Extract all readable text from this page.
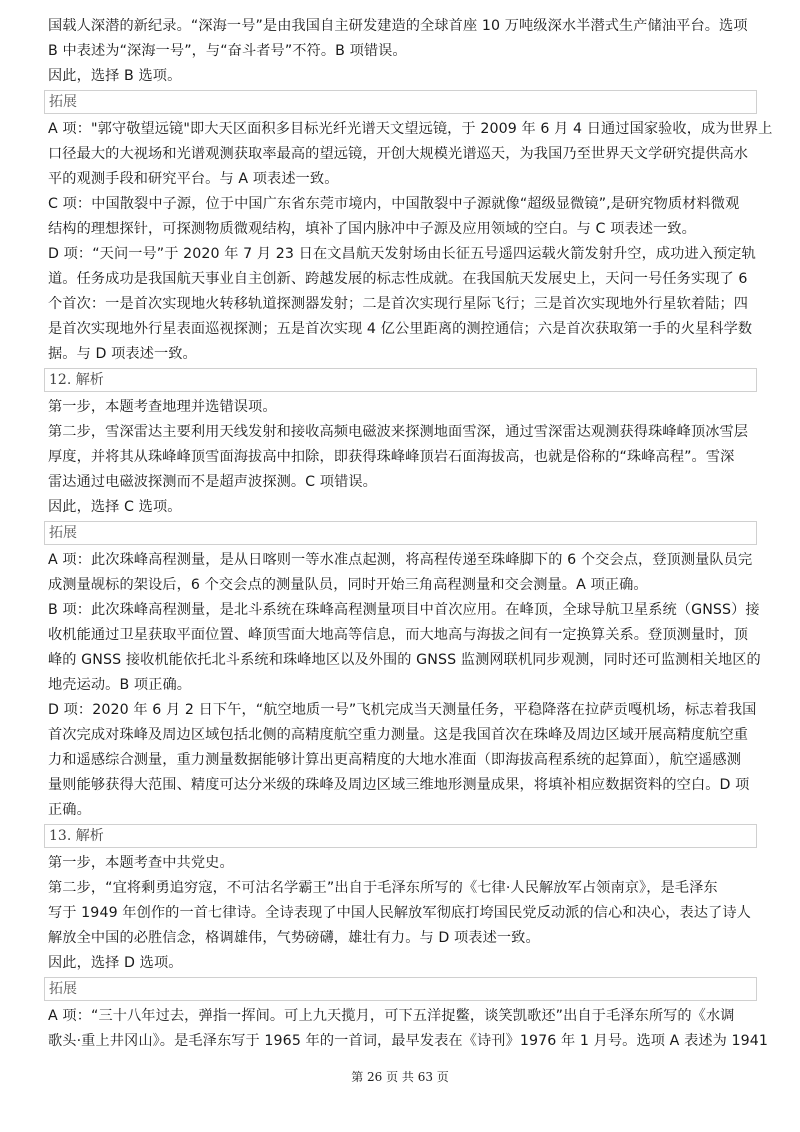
国载人深潜的新纪录。“深海一号”是由我国自主研发建造的全球首座 10 万吨级深水半潜式生产储油平台。选项

B 中表述为“深海一号”，与“奋斗者号”不符。B 项错误。

因此，选择 B 选项。

拓展

A 项："郭守敬望远镜"即大天区面积多目标光纤光谱天文望远镜，于 2009 年 6 月 4 日通过国家验收，成为世界上

口径最大的大视场和光谱观测获取率最高的望远镜，开创大规模光谱巡天，为我国乃至世界天文学研究提供高水

平的观测手段和研究平台。与 A 项表述一致。

C 项：中国散裂中子源，位于中国广东省东莞市境内，中国散裂中子源就像“超级显微镜”,是研究物质材料微观

结构的理想探针，可探测物质微观结构，填补了国内脉冲中子源及应用领域的空白。与 C 项表述一致。

D 项：“天问一号”于 2020 年 7 月 23 日在文昌航天发射场由长征五号遥四运载火箭发射升空，成功进入预定轨

道。任务成功是我国航天事业自主创新、跨越发展的标志性成就。在我国航天发展史上，天问一号任务实现了 6

个首次：一是首次实现地火转移轨道探测器发射；二是首次实现行星际飞行；三是首次实现地外行星软着陆；四

是首次实现地外行星表面巡视探测；五是首次实现 4 亿公里距离的测控通信；六是首次获取第一手的火星科学数

据。与 D 项表述一致。

12. 解析

第一步，本题考查地理并选错误项。

第二步，雪深雷达主要利用天线发射和接收高频电磁波来探测地面雪深，通过雪深雷达观测获得珠峰峰顶冰雪层

厚度，并将其从珠峰峰顶雪面海拔高中扣除，即获得珠峰峰顶岩石面海拔高，也就是俗称的“珠峰高程”。雪深

雷达通过电磁波探测而不是超声波探测。C 项错误。

因此，选择 C 选项。

拓展

A 项：此次珠峰高程测量，是从日喀则一等水准点起测，将高程传递至珠峰脚下的 6 个交会点，登顶测量队员完

成测量觇标的架设后，6 个交会点的测量队员，同时开始三角高程测量和交会测量。A 项正确。

B 项：此次珠峰高程测量，是北斗系统在珠峰高程测量项目中首次应用。在峰顶，全球导航卫星系统（GNSS）接

收机能通过卫星获取平面位置、峰顶雪面大地高等信息，而大地高与海拔之间有一定换算关系。登顶测量时，顶

峰的 GNSS 接收机能依托北斗系统和珠峰地区以及外围的 GNSS 监测网联机同步观测，同时还可监测相关地区的

地壳运动。B 项正确。

D 项：2020 年 6 月 2 日下午，“航空地质一号”飞机完成当天测量任务，平稳降落在拉萨贡嘎机场，标志着我国

首次完成对珠峰及周边区域包括北侧的高精度航空重力测量。这是我国首次在珠峰及周边区域开展高精度航空重

力和遥感综合测量，重力测量数据能够计算出更高精度的大地水准面（即海拔高程系统的起算面），航空遥感测

量则能够获得大范围、精度可达分米级的珠峰及周边区域三维地形测量成果，将填补相应数据资料的空白。D 项

正确。

13. 解析

第一步，本题考查中共党史。

第二步，“宜将剩勇追穷寇，不可沽名学霸王”出自于毛泽东所写的《七律·人民解放军占领南京》，是毛泽东

写于 1949 年创作的一首七律诗。全诗表现了中国人民解放军彻底打垮国民党反动派的信心和决心，表达了诗人

解放全中国的必胜信念，格调雄伟，气势磅礴，雄壮有力。与 D 项表述一致。

因此，选择 D 选项。

拓展

A 项：“三十八年过去，弹指一挥间。可上九天揽月，可下五洋捉鳖，谈笑凯歌还”出自于毛泽东所写的《水调

歌头·重上井冈山》。是毛泽东写于 1965 年的一首词，最早发表在《诗刊》1976 年 1 月号。选项 A 表述为 1941

第 26 页 共 63 页
